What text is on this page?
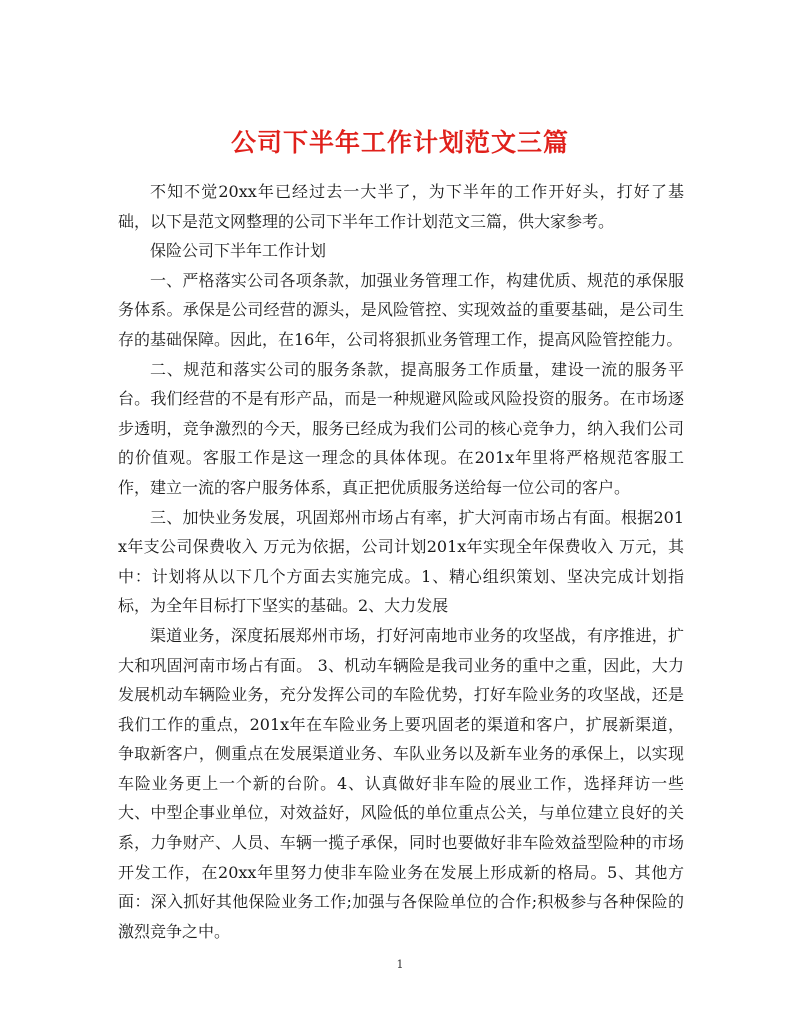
公司下半年工作计划范文三篇

不知不觉20xx年已经过去一大半了，为下半年的工作开好头，打好了基础，以下是范文网整理的公司下半年工作计划范文三篇，供大家参考。

保险公司下半年工作计划

一、严格落实公司各项条款，加强业务管理工作，构建优质、规范的承保服务体系。承保是公司经营的源头，是风险管控、实现效益的重要基础，是公司生存的基础保障。因此，在16年，公司将狠抓业务管理工作，提高风险管控能力。

二、规范和落实公司的服务条款，提高服务工作质量，建设一流的服务平台。我们经营的不是有形产品，而是一种规避风险或风险投资的服务。在市场逐步透明，竞争激烈的今天，服务已经成为我们公司的核心竞争力，纳入我们公司的价值观。客服工作是这一理念的具体体现。在201x年里将严格规范客服工作，建立一流的客户服务体系，真正把优质服务送给每一位公司的客户。

三、加快业务发展，巩固郑州市场占有率，扩大河南市场占有面。根据201x年支公司保费收入 万元为依据，公司计划201x年实现全年保费收入 万元，其中：计划将从以下几个方面去实施完成。1、精心组织策划、坚决完成计划指标，为全年目标打下坚实的基础。2、大力发展

渠道业务，深度拓展郑州市场，打好河南地市业务的攻坚战，有序推进，扩大和巩固河南市场占有面。 3、机动车辆险是我司业务的重中之重，因此，大力发展机动车辆险业务，充分发挥公司的车险优势，打好车险业务的攻坚战，还是我们工作的重点，201x年在车险业务上要巩固老的渠道和客户，扩展新渠道，争取新客户，侧重点在发展渠道业务、车队业务以及新车业务的承保上，以实现车险业务更上一个新的台阶。4、认真做好非车险的展业工作，选择拜访一些大、中型企事业单位，对效益好，风险低的单位重点公关，与单位建立良好的关系，力争财产、人员、车辆一揽子承保，同时也要做好非车险效益型险种的市场开发工作，在20xx年里努力使非车险业务在发展上形成新的格局。5、其他方面：深入抓好其他保险业务工作;加强与各保险单位的合作;积极参与各种保险的激烈竞争之中。

1
